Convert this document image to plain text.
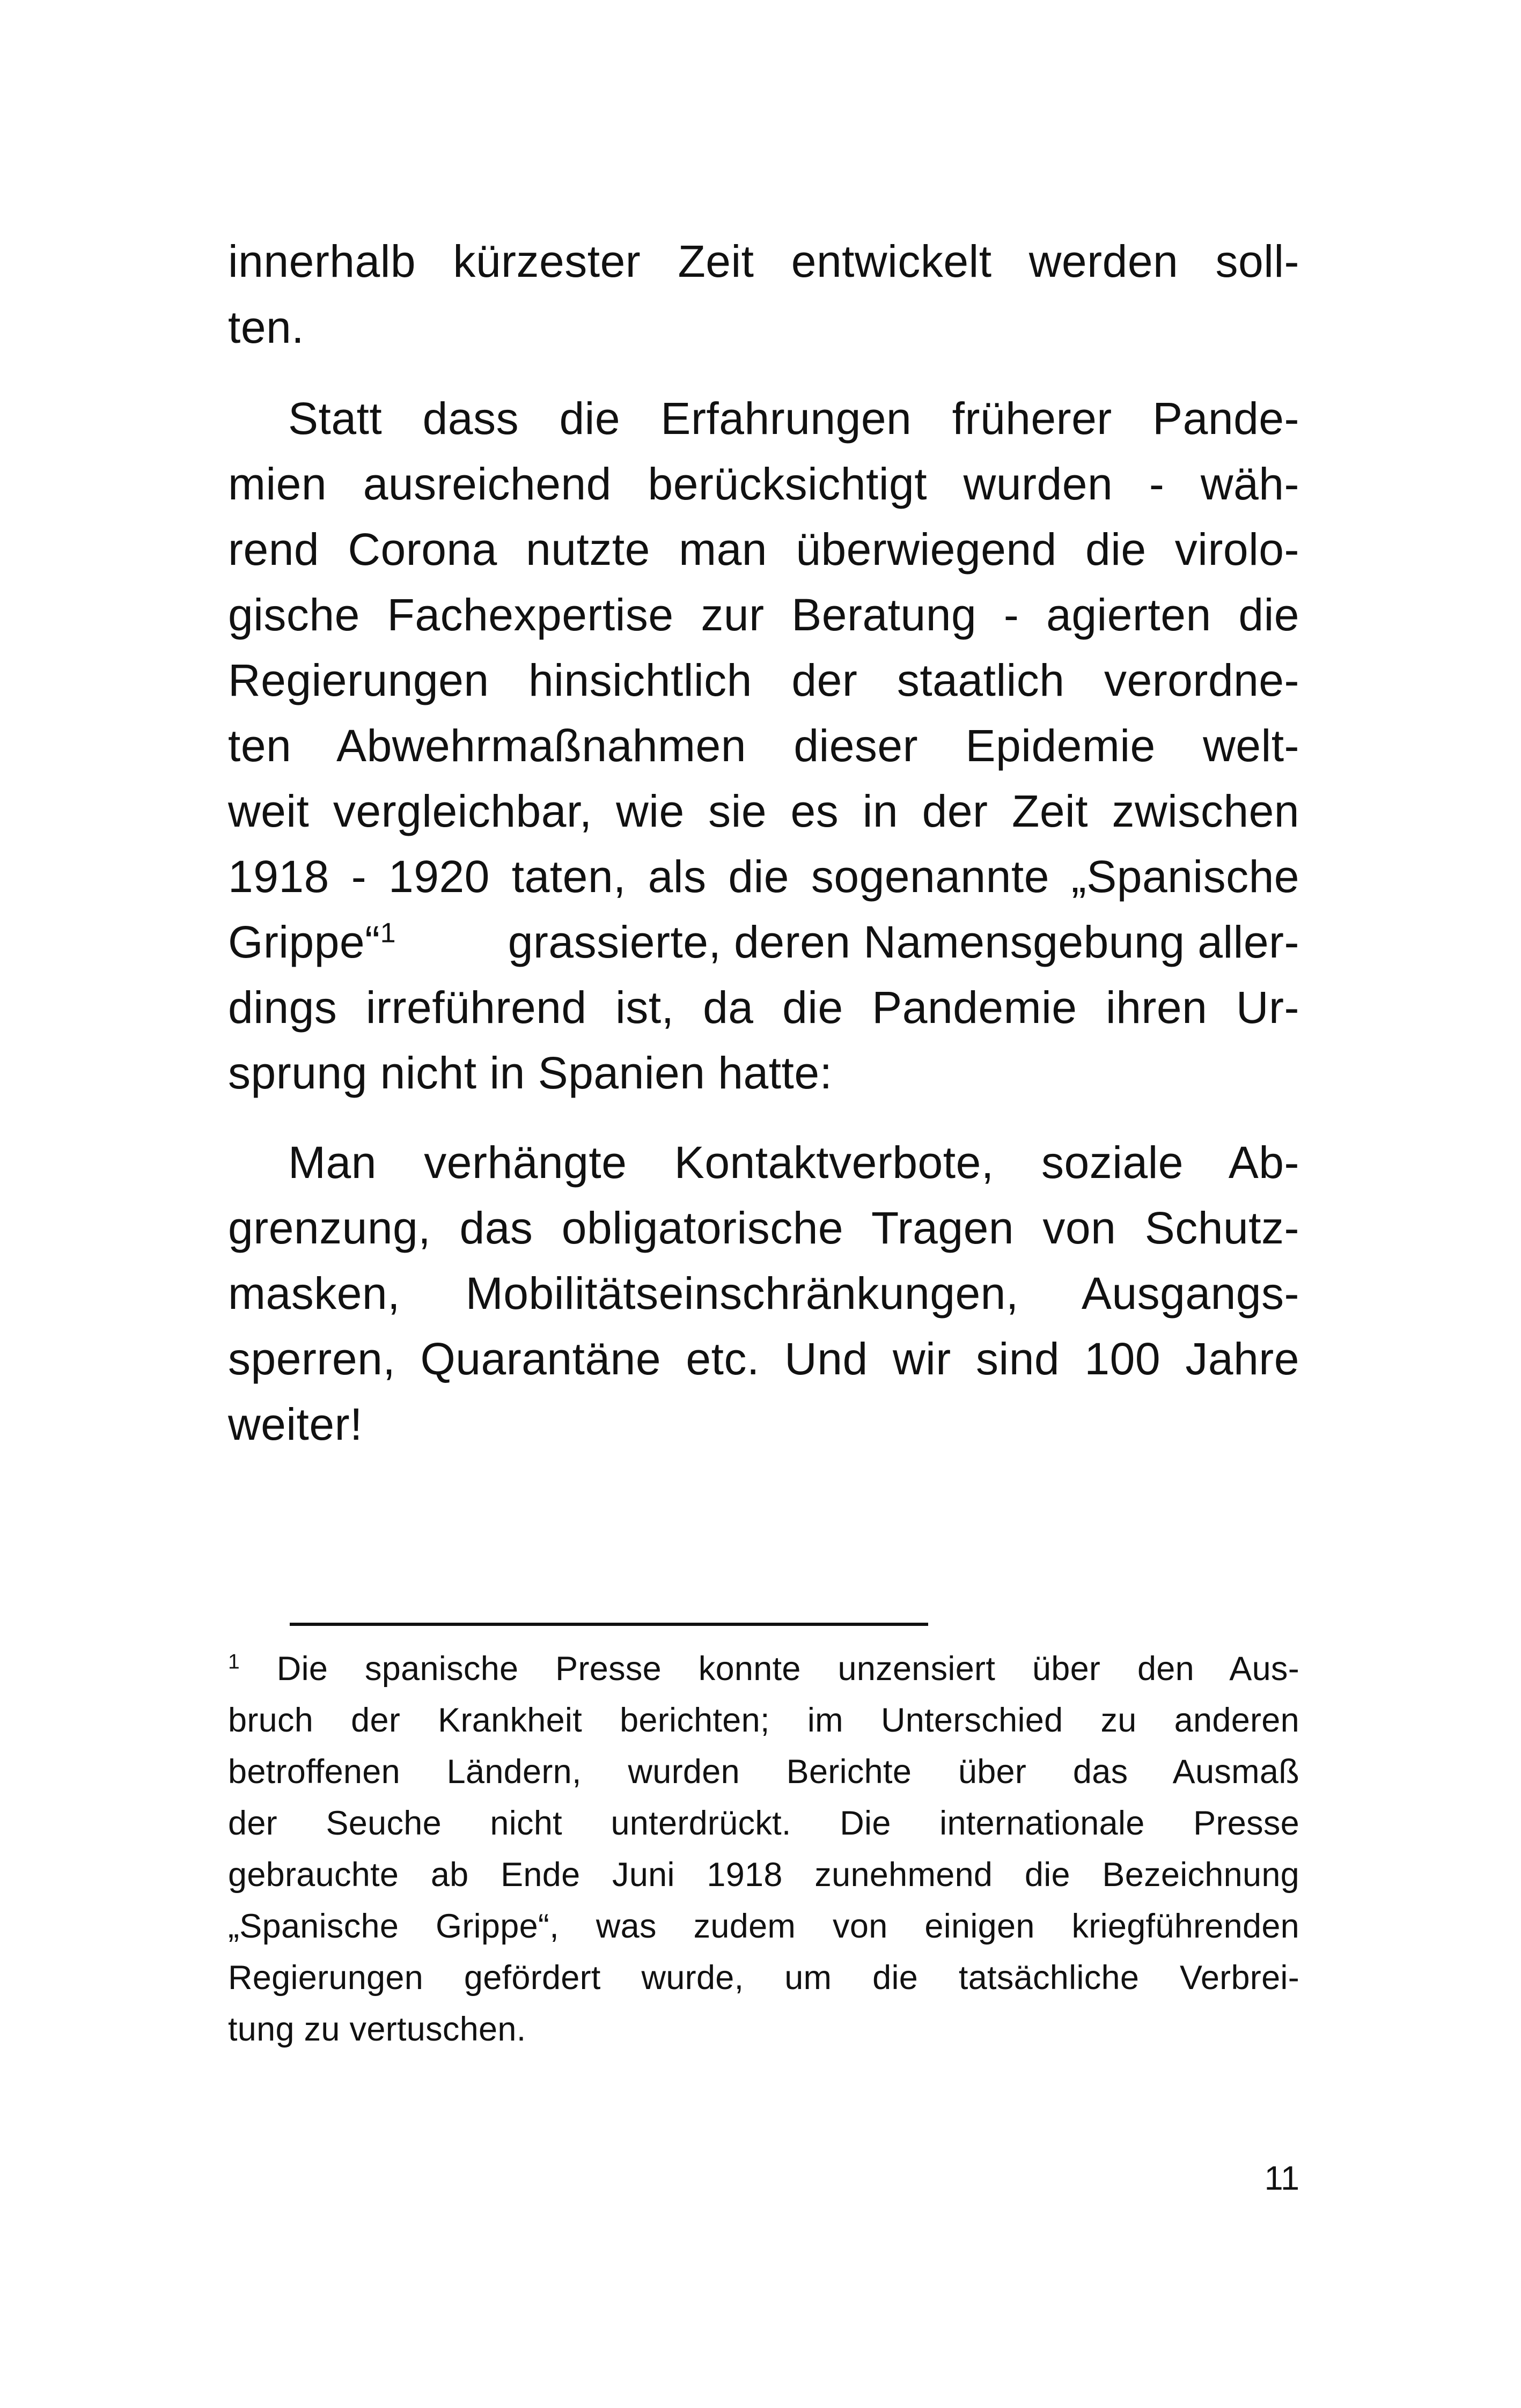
innerhalb kürzester Zeit entwickelt werden soll-
ten.
Statt dass die Erfahrungen früherer Pande-
mien ausreichend berücksichtigt wurden - wäh-
rend Corona nutzte man überwiegend die virolo-
gische Fachexpertise zur Beratung - agierten die
Regierungen hinsichtlich der staatlich verordne-
ten Abwehrmaßnahmen dieser Epidemie welt-
weit vergleichbar, wie sie es in der Zeit zwischen
1918 - 1920 taten, als die sogenannte „Spanische
Grippe“$^1$ grassierte, deren Namensgebung aller-
dings irreführend ist, da die Pandemie ihren Ur-
sprung nicht in Spanien hatte:
Man verhängte Kontaktverbote, soziale Ab-
grenzung, das obligatorische Tragen von Schutz-
masken, Mobilitätseinschränkungen, Ausgangs-
sperren, Quarantäne etc. Und wir sind 100 Jahre
weiter!
$^1$ Die spanische Presse konnte unzensiert über den Aus-
bruch der Krankheit berichten; im Unterschied zu anderen
betroffenen Ländern, wurden Berichte über das Ausmaß
der Seuche nicht unterdrückt. Die internationale Presse
gebrauchte ab Ende Juni 1918 zunehmend die Bezeichnung
„Spanische Grippe“, was zudem von einigen kriegführenden
Regierungen gefördert wurde, um die tatsächliche Verbrei-
tung zu vertuschen.
11
